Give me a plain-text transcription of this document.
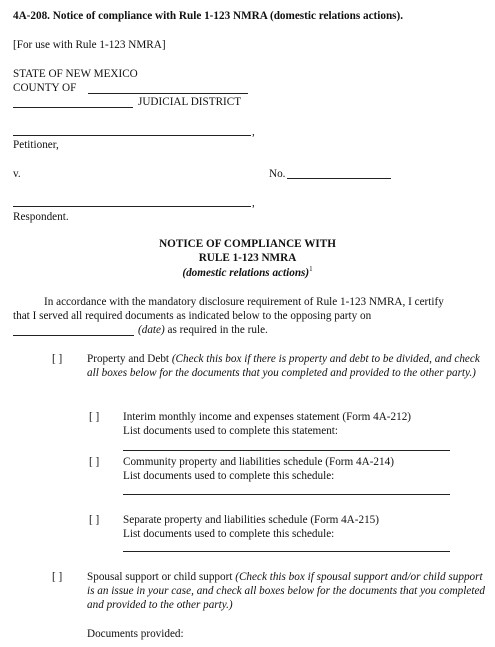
4A-208. Notice of compliance with Rule 1-123 NMRA (domestic relations actions).
[For use with Rule 1-123 NMRA]
STATE OF NEW MEXICO
COUNTY OF
JUDICIAL DISTRICT
,
Petitioner,
v.	No.
,
Respondent.
NOTICE OF COMPLIANCE WITH
RULE 1-123 NMRA
(domestic relations actions)$^1$
In accordance with the mandatory disclosure requirement of Rule 1-123 NMRA, I certify
that I served all required documents as indicated below to the opposing party on
(date) as required in the rule.
[ ] Property and Debt (Check this box if there is property and debt to be divided, and check all boxes below for the documents that you completed and provided to the other party.)
[ ] Interim monthly income and expenses statement (Form 4A-212)
List documents used to complete this statement:
[ ] Community property and liabilities schedule (Form 4A-214)
List documents used to complete this schedule:
[ ] Separate property and liabilities schedule (Form 4A-215)
List documents used to complete this schedule:
[ ] Spousal support or child support (Check this box if spousal support and/or child support is an issue in your case, and check all boxes below for the documents that you completed and provided to the other party.)
Documents provided:
